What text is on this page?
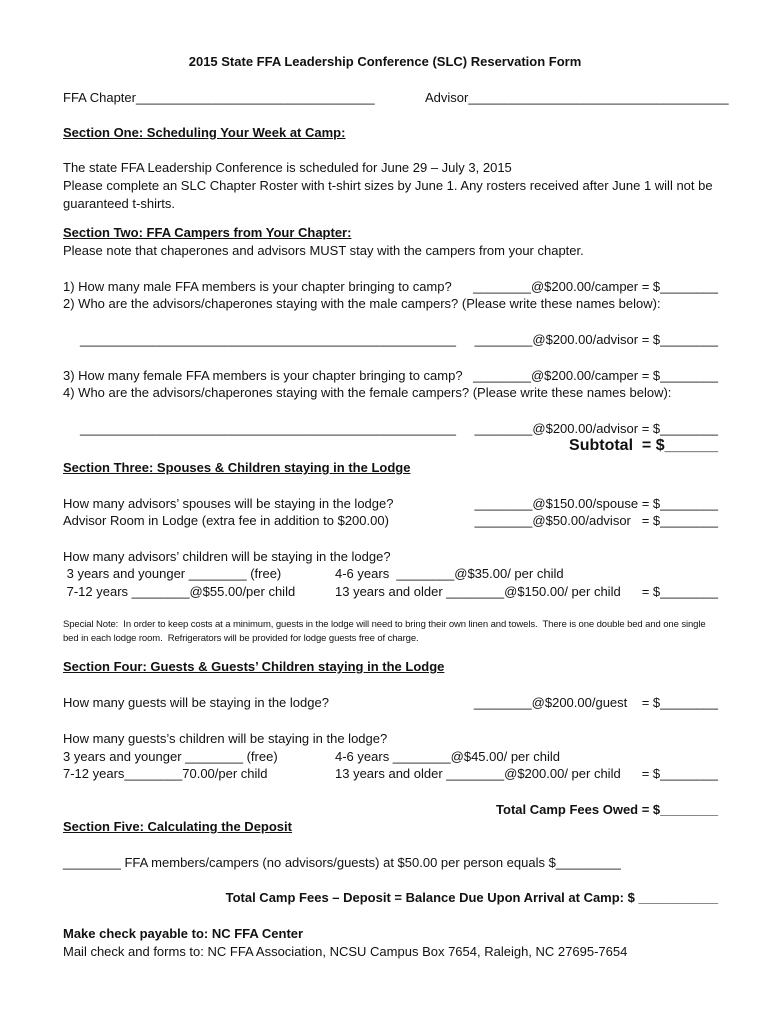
2015 State FFA Leadership Conference (SLC) Reservation Form
FFA Chapter_________________________________	Advisor____________________________________
Section One: Scheduling Your Week at Camp:
The state FFA Leadership Conference is scheduled for June 29 – July 3, 2015
Please complete an SLC Chapter Roster with t-shirt sizes by June 1. Any rosters received after June 1 will not be
guaranteed t-shirts.
Section Two: FFA Campers from Your Chapter:
Please note that chaperones and advisors MUST stay with the campers from your chapter.
1) How many male FFA members is your chapter bringing to camp? ________@$200.00/camper = $________
2) Who are the advisors/chaperones staying with the male campers? (Please write these names below):
____________________________________________________ ________@$200.00/advisor = $________
3) How many female FFA members is your chapter bringing to camp? ________@$200.00/camper = $________
4) Who are the advisors/chaperones staying with the female campers? (Please write these names below):
____________________________________________________ ________@$200.00/advisor = $________
Subtotal  = $______
Section Three: Spouses & Children staying in the Lodge
How many advisors’ spouses will be staying in the lodge?	________@$150.00/spouse = $________
Advisor Room in Lodge (extra fee in addition to $200.00)	________@$50.00/advisor   = $________
How many advisors’ children will be staying in the lodge?
3 years and younger ________ (free)	4-6 years  ________@$35.00/ per child
7-12 years ________@$55.00/per child	13 years and older ________@$150.00/ per child = $________
Special Note:  In order to keep costs at a minimum, guests in the lodge will need to bring their own linen and towels.  There is one double bed and one single
bed in each lodge room.  Refrigerators will be provided for lodge guests free of charge.
Section Four: Guests & Guests’ Children staying in the Lodge
How many guests will be staying in the lodge?	________@$200.00/guest    = $________
How many guests’s children will be staying in the lodge?
3 years and younger ________ (free)	4-6 years ________@$45.00/ per child
7-12 years________70.00/per child	13 years and older ________@$200.00/ per child = $________
Total Camp Fees Owed = $________
Section Five: Calculating the Deposit
________ FFA members/campers (no advisors/guests) at $50.00 per person equals $_________
Total Camp Fees – Deposit = Balance Due Upon Arrival at Camp: $ ___________
Make check payable to: NC FFA Center
Mail check and forms to: NC FFA Association, NCSU Campus Box 7654, Raleigh, NC 27695-7654
